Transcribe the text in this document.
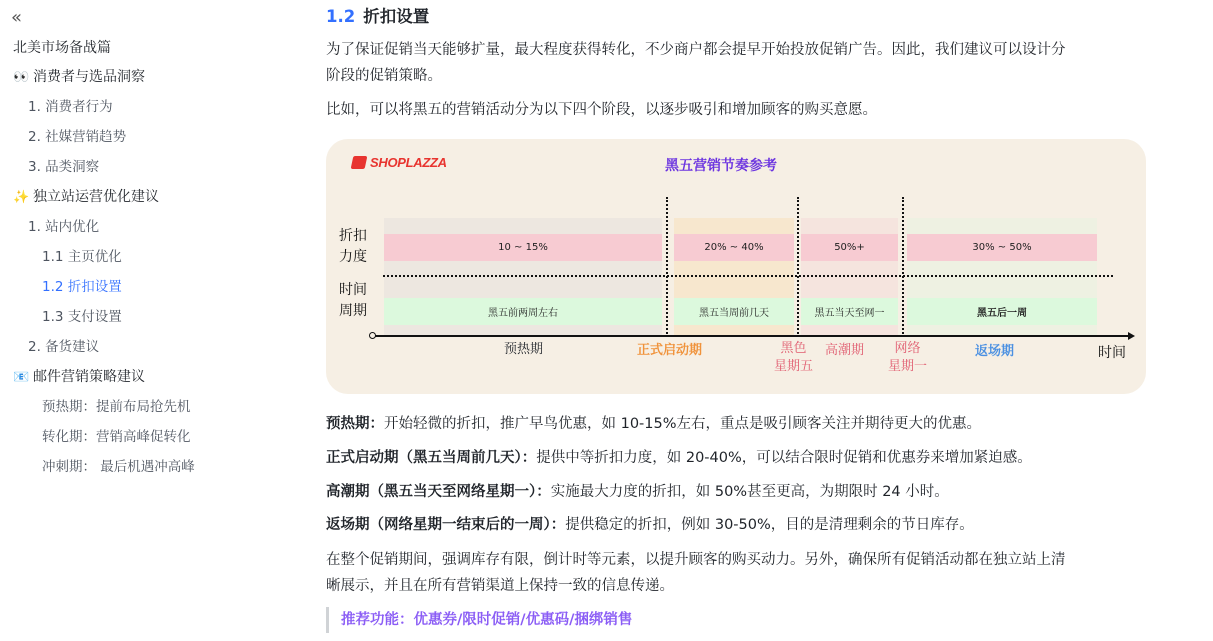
«
北美市场备战篇
👀 消费者与选品洞察
1. 消费者行为
2. 社媒营销趋势
3. 品类洞察
✨ 独立站运营优化建议
1. 站内优化
1.1 主页优化
1.2 折扣设置
1.3 支付设置
2. 备货建议
📧 邮件营销策略建议
预热期：提前布局抢先机
转化期：营销高峰促转化
冲刺期： 最后机遇冲高峰
1.2 折扣设置
为了保证促销当天能够扩量，最大程度获得转化，不少商户都会提早开始投放促销广告。因此，我们建议可以设计分
阶段的促销策略。
比如，可以将黑五的营销活动分为以下四个阶段，以逐步吸引和增加顾客的购买意愿。
SHOPLAZZA	黑五营销节奏参考
10 ~ 15%	20% ~ 40%	50%+	30% ~ 50%
黑五前两周左右	黑五当周前几天	黑五当天至网一	黑五后一周
折扣
力度
时间
周期
预热期	正式启动期	黑色
星期五
高潮期	网络
星期一
返场期	时间
预热期：开始轻微的折扣，推广早鸟优惠，如 10-15%左右，重点是吸引顾客关注并期待更大的优惠。
正式启动期（黑五当周前几天）：提供中等折扣力度，如 20-40%，可以结合限时促销和优惠券来增加紧迫感。
高潮期（黑五当天至网络星期一）：实施最大力度的折扣，如 50%甚至更高，为期限时 24 小时。
返场期（网络星期一结束后的一周）：提供稳定的折扣，例如 30-50%，目的是清理剩余的节日库存。
在整个促销期间，强调库存有限，倒计时等元素，以提升顾客的购买动力。另外，确保所有促销活动都在独立站上清
晰展示，并且在所有营销渠道上保持一致的信息传递。
推荐功能：优惠券/限时促销/优惠码/捆绑销售
